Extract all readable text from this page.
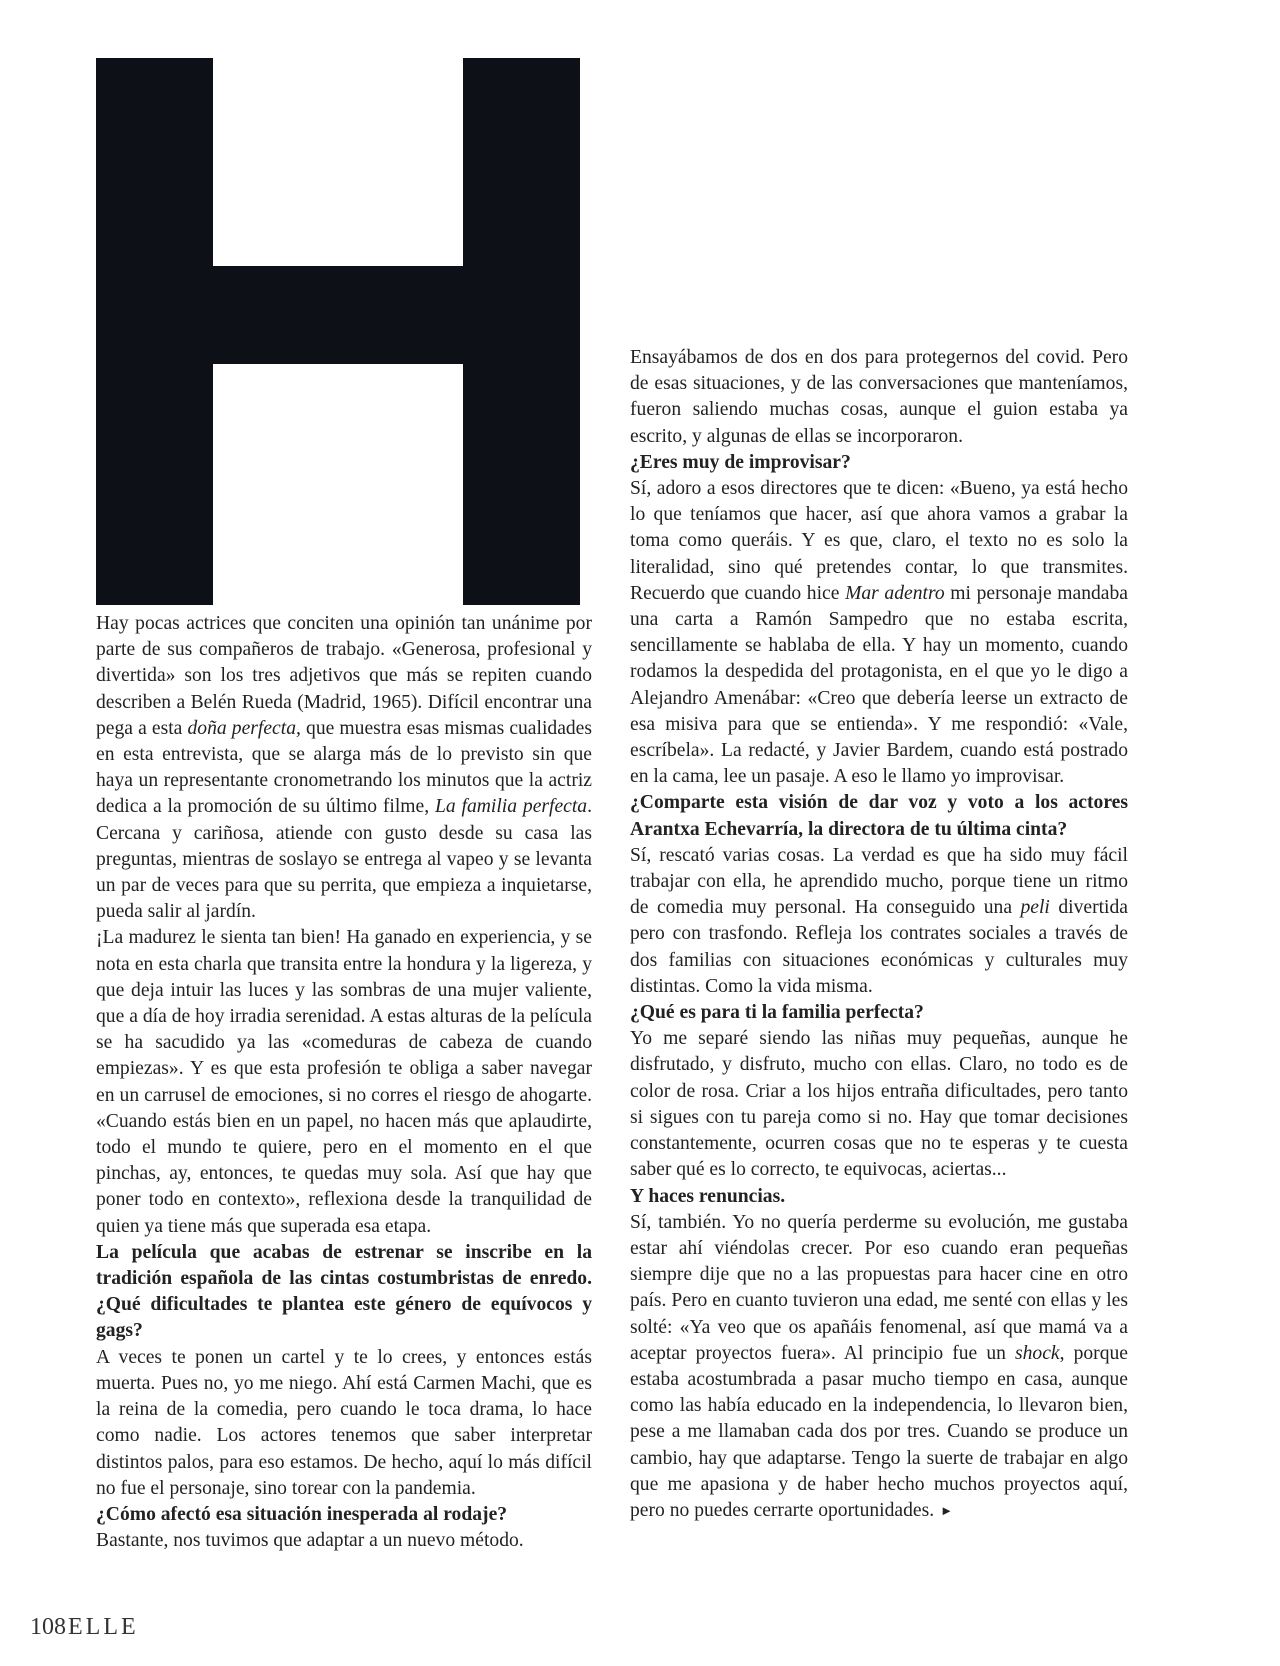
Hay pocas actrices que conciten una opinión tan unánime por parte de sus compañeros de trabajo. «Generosa, profesional y divertida» son los tres adjetivos que más se repiten cuando describen a Belén Rueda (Madrid, 1965). Difícil encontrar una pega a esta doña perfecta, que muestra esas mismas cualidades en esta entrevista, que se alarga más de lo previsto sin que haya un representante cronometrando los minutos que la actriz dedica a la promoción de su último filme, La familia perfecta. Cercana y cariñosa, atiende con gusto desde su casa las preguntas, mientras de soslayo se entrega al vapeo y se levanta un par de veces para que su perrita, que empieza a inquietarse, pueda salir al jardín.

¡La madurez le sienta tan bien! Ha ganado en experiencia, y se nota en esta charla que transita entre la hondura y la ligereza, y que deja intuir las luces y las sombras de una mujer valiente, que a día de hoy irradia serenidad. A estas alturas de la película se ha sacudido ya las «comeduras de cabeza de cuando empiezas». Y es que esta profesión te obliga a saber navegar en un carrusel de emociones, si no corres el riesgo de ahogarte. «Cuando estás bien en un papel, no hacen más que aplaudirte, todo el mundo te quiere, pero en el momento en el que pinchas, ay, entonces, te quedas muy sola. Así que hay que poner todo en contexto», reflexiona desde la tranquilidad de quien ya tiene más que superada esa etapa.

La película que acabas de estrenar se inscribe en la tradición española de las cintas costumbristas de enredo. ¿Qué dificultades te plantea este género de equívocos y gags?

A veces te ponen un cartel y te lo crees, y entonces estás muerta. Pues no, yo me niego. Ahí está Carmen Machi, que es la reina de la comedia, pero cuando le toca drama, lo hace como nadie. Los actores tenemos que saber interpretar distintos palos, para eso estamos. De hecho, aquí lo más difícil no fue el personaje, sino torear con la pandemia.

¿Cómo afectó esa situación inesperada al rodaje?

Bastante, nos tuvimos que adaptar a un nuevo método.

Ensayábamos de dos en dos para protegernos del covid. Pero de esas situaciones, y de las conversaciones que manteníamos, fueron saliendo muchas cosas, aunque el guion estaba ya escrito, y algunas de ellas se incorporaron.

¿Eres muy de improvisar?

Sí, adoro a esos directores que te dicen: «Bueno, ya está hecho lo que teníamos que hacer, así que ahora vamos a grabar la toma como queráis. Y es que, claro, el texto no es solo la literalidad, sino qué pretendes contar, lo que transmites. Recuerdo que cuando hice Mar adentro mi personaje mandaba una carta a Ramón Sampedro que no estaba escrita, sencillamente se hablaba de ella. Y hay un momento, cuando rodamos la despedida del protagonista, en el que yo le digo a Alejandro Amenábar: «Creo que debería leerse un extracto de esa misiva para que se entienda». Y me respondió: «Vale, escríbela». La redacté, y Javier Bardem, cuando está postrado en la cama, lee un pasaje. A eso le llamo yo improvisar.

¿Comparte esta visión de dar voz y voto a los actores Arantxa Echevarría, la directora de tu última cinta?

Sí, rescató varias cosas. La verdad es que ha sido muy fácil trabajar con ella, he aprendido mucho, porque tiene un ritmo de comedia muy personal. Ha conseguido una peli divertida pero con trasfondo. Refleja los contrates sociales a través de dos familias con situaciones económicas y culturales muy distintas. Como la vida misma.

¿Qué es para ti la familia perfecta?

Yo me separé siendo las niñas muy pequeñas, aunque he disfrutado, y disfruto, mucho con ellas. Claro, no todo es de color de rosa. Criar a los hijos entraña dificultades, pero tanto si sigues con tu pareja como si no. Hay que tomar decisiones constantemente, ocurren cosas que no te esperas y te cuesta saber qué es lo correcto, te equivocas, aciertas...

Y haces renuncias.

Sí, también. Yo no quería perderme su evolución, me gustaba estar ahí viéndolas crecer. Por eso cuando eran pequeñas siempre dije que no a las propuestas para hacer cine en otro país. Pero en cuanto tuvieron una edad, me senté con ellas y les solté: «Ya veo que os apañáis fenomenal, así que mamá va a aceptar proyectos fuera». Al principio fue un shock, porque estaba acostumbrada a pasar mucho tiempo en casa, aunque como las había educado en la independencia, lo llevaron bien, pese a me llamaban cada dos por tres. Cuando se produce un cambio, hay que adaptarse. Tengo la suerte de trabajar en algo que me apasiona y de haber hecho muchos proyectos aquí, pero no puedes cerrarte oportunidades. ►

108ELLE
